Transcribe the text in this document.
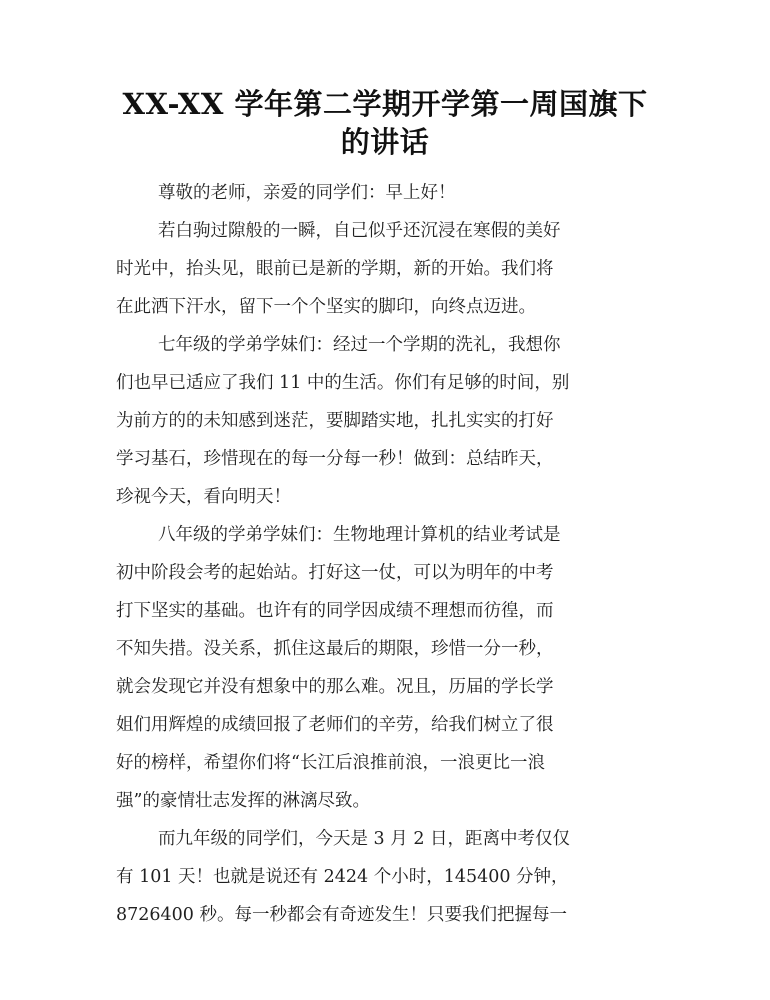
XX-XX 学年第二学期开学第一周国旗下
的讲话
尊敬的老师，亲爱的同学们：早上好！
若白驹过隙般的一瞬，自己似乎还沉浸在寒假的美好
时光中，抬头见，眼前已是新的学期，新的开始。我们将
在此洒下汗水，留下一个个坚实的脚印，向终点迈进。
七年级的学弟学妹们：经过一个学期的洗礼，我想你
们也早已适应了我们 11 中的生活。你们有足够的时间，别
为前方的的未知感到迷茫，要脚踏实地，扎扎实实的打好
学习基石，珍惜现在的每一分每一秒！做到：总结昨天，
珍视今天，看向明天！
八年级的学弟学妹们：生物地理计算机的结业考试是
初中阶段会考的起始站。打好这一仗，可以为明年的中考
打下坚实的基础。也许有的同学因成绩不理想而彷徨，而
不知失措。没关系，抓住这最后的期限，珍惜一分一秒，
就会发现它并没有想象中的那么难。况且，历届的学长学
姐们用辉煌的成绩回报了老师们的辛劳，给我们树立了很
好的榜样，希望你们将“长江后浪推前浪，一浪更比一浪
强”的豪情壮志发挥的淋漓尽致。
而九年级的同学们，今天是 3 月 2 日，距离中考仅仅
有 101 天！也就是说还有 2424 个小时，145400 分钟，
8726400 秒。每一秒都会有奇迹发生！只要我们把握每一
